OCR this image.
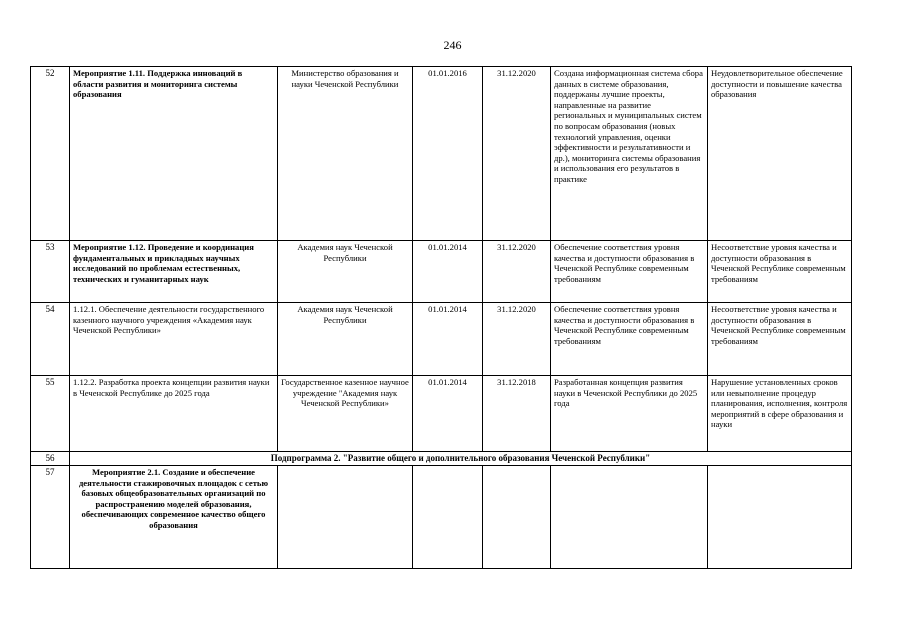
246
52	Мероприятие 1.11. Поддержка инноваций в области развития и мониторинга системы образования	Министерство образования и науки Чеченской Республики	01.01.2016	31.12.2020	Создана информационная система сбора данных в системе образования, поддержаны лучшие проекты, направленные на развитие региональных и муниципальных систем по вопросам образования (новых технологий управления, оценки эффективности и результативности и др.), мониторинга системы образования и использования его результатов в практике	Неудовлетворительное обеспечение доступности и повышение качества образования
53	Мероприятие 1.12. Проведение и координация фундаментальных и прикладных научных исследований по проблемам естественных, технических и гуманитарных наук	Академия наук Чеченской Республики	01.01.2014	31.12.2020	Обеспечение соответствия уровня качества и доступности образования в Чеченской Республике современным требованиям	Несоответствие уровня качества и доступности образования в Чеченской Республике современным требованиям
54	1.12.1. Обеспечение деятельности государственного казенного научного учреждения «Академия наук Чеченской Республики»	Академия наук Чеченской Республики	01.01.2014	31.12.2020	Обеспечение соответствия уровня качества и доступности образования в Чеченской Республике современным требованиям	Несоответствие уровня качества и доступности образования в Чеченской Республике современным требованиям
55	1.12.2. Разработка проекта концепции развития науки в Чеченской Республике до 2025 года	Государственное казенное научное учреждение "Академия наук Чеченской Республики»	01.01.2014	31.12.2018	Разработанная концепция развития науки в Чеченской Республики до 2025 года	Нарушение установленных сроков или невыполнение процедур планирования, исполнения, контроля мероприятий в сфере образования и науки
56	Подпрограмма 2. "Развитие общего и дополнительного образования Чеченской Республики"					
57	Мероприятие 2.1. Создание и обеспечение деятельности стажировочных площадок с сетью базовых общеобразовательных организаций по распространению моделей образования, обеспечивающих современное качество общего образования					
